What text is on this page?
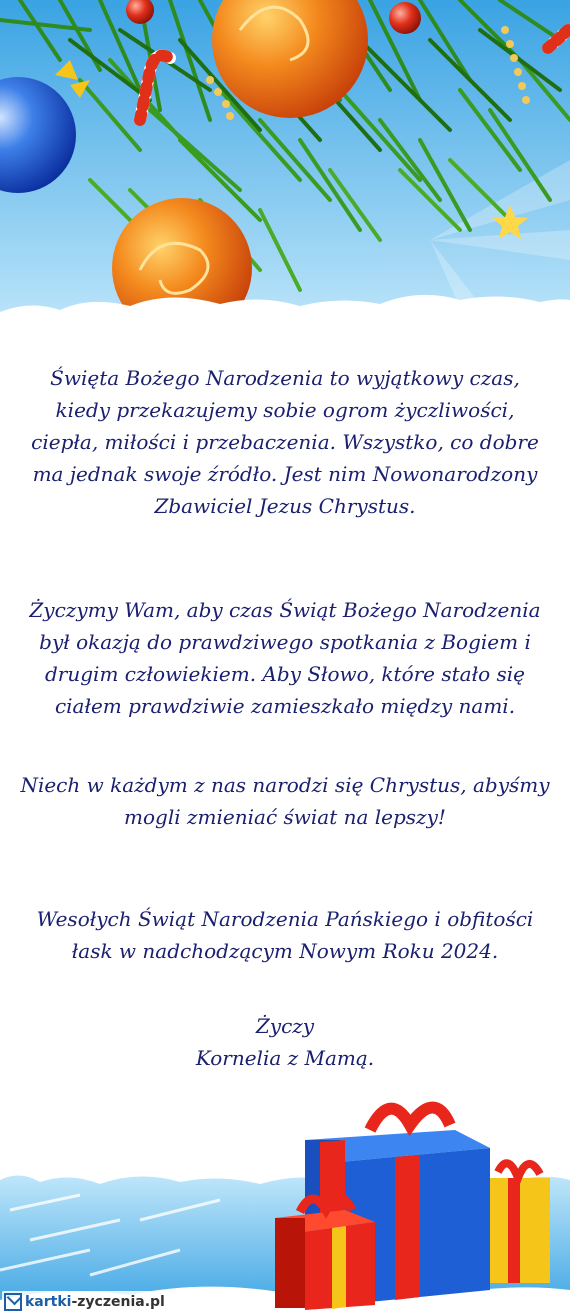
Święta Bożego Narodzenia to wyjątkowy czas, kiedy przekazujemy sobie ogrom życzliwości, ciepła, miłości i przebaczenia. Wszystko, co dobre ma jednak swoje źródło. Jest nim Nowonarodzony Zbawiciel Jezus Chrystus.
Życzymy Wam, aby czas Świąt Bożego Narodzenia był okazją do prawdziwego spotkania z Bogiem i drugim człowiekiem. Aby Słowo, które stało się ciałem prawdziwie zamieszkało między nami.
Niech w każdym z nas narodzi się Chrystus, abyśmy mogli zmieniać świat na lepszy!
Wesołych Świąt Narodzenia Pańskiego i obfitości łask w nadchodzącym Nowym Roku 2024.
Życzy
Kornelia z Mamą.
kartki -zyczenia.pl
